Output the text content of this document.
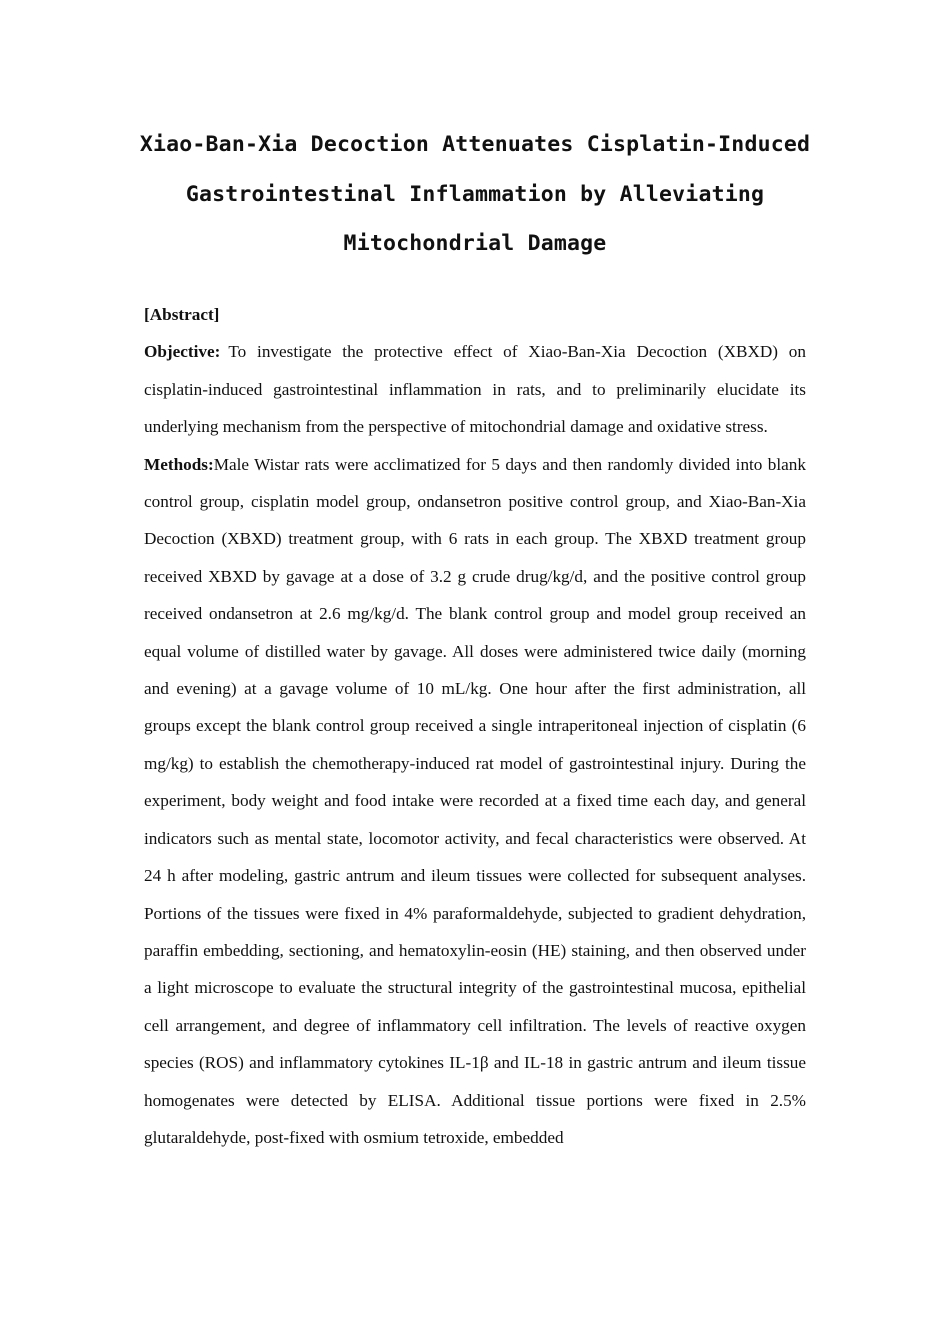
Xiao-Ban-Xia Decoction Attenuates Cisplatin-Induced
Gastrointestinal Inflammation by Alleviating
Mitochondrial Damage

[Abstract]

Objective: To investigate the protective effect of Xiao-Ban-Xia Decoction (XBXD) on cisplatin-induced gastrointestinal inflammation in rats, and to preliminarily elucidate its underlying mechanism from the perspective of mitochondrial damage and oxidative stress.

Methods:Male Wistar rats were acclimatized for 5 days and then randomly divided into blank control group, cisplatin model group, ondansetron positive control group, and Xiao-Ban-Xia Decoction (XBXD) treatment group, with 6 rats in each group. The XBXD treatment group received XBXD by gavage at a dose of 3.2 g crude drug/kg/d, and the positive control group received ondansetron at 2.6 mg/kg/d. The blank control group and model group received an equal volume of distilled water by gavage. All doses were administered twice daily (morning and evening) at a gavage volume of 10 mL/kg. One hour after the first administration, all groups except the blank control group received a single intraperitoneal injection of cisplatin (6 mg/kg) to establish the chemotherapy-induced rat model of gastrointestinal injury. During the experiment, body weight and food intake were recorded at a fixed time each day, and general indicators such as mental state, locomotor activity, and fecal characteristics were observed. At 24 h after modeling, gastric antrum and ileum tissues were collected for subsequent analyses. Portions of the tissues were fixed in 4% paraformaldehyde, subjected to gradient dehydration, paraffin embedding, sectioning, and hematoxylin-eosin (HE) staining, and then observed under a light microscope to evaluate the structural integrity of the gastrointestinal mucosa, epithelial cell arrangement, and degree of inflammatory cell infiltration. The levels of reactive oxygen species (ROS) and inflammatory cytokines IL-1β and IL-18 in gastric antrum and ileum tissue homogenates were detected by ELISA. Additional tissue portions were fixed in 2.5% glutaraldehyde, post-fixed with osmium tetroxide, embedded
